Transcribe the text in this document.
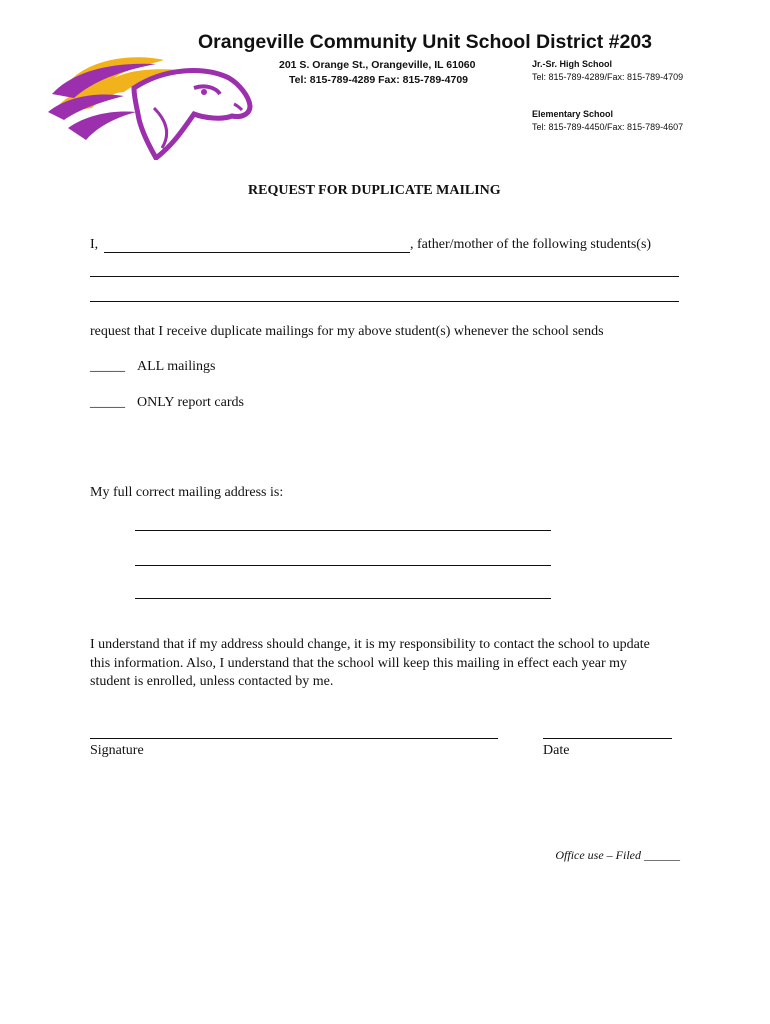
Orangeville Community Unit School District #203
201 S. Orange St., Orangeville, IL 61060
Tel: 815-789-4289 Fax: 815-789-4709
Jr.-Sr. High School
Tel: 815-789-4289/Fax: 815-789-4709
Elementary School
Tel: 815-789-4450/Fax: 815-789-4607
REQUEST FOR DUPLICATE MAILING
I,	, father/mother of the following students(s)
request that I receive duplicate mailings for my above student(s) whenever the school sends
_____ ALL mailings
_____ ONLY report cards
My full correct mailing address is:
I understand that if my address should change, it is my responsibility to contact the school to update this information. Also, I understand that the school will keep this mailing in effect each year my student is enrolled, unless contacted by me.
Signature	Date
Office use – Filed ______
